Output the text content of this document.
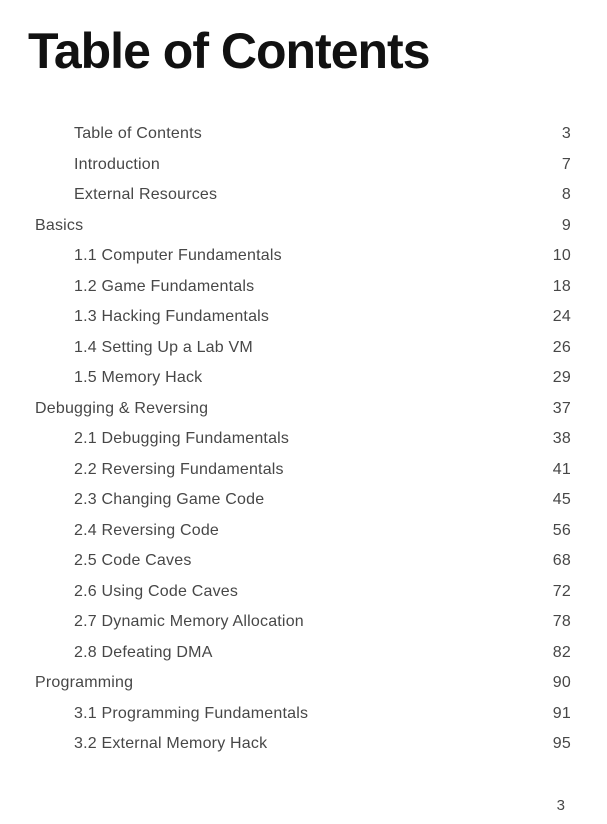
Table of Contents
Table of Contents	3
Introduction	7
External Resources	8
Basics	9
1.1 Computer Fundamentals	10
1.2 Game Fundamentals	18
1.3 Hacking Fundamentals	24
1.4 Setting Up a Lab VM	26
1.5 Memory Hack	29
Debugging & Reversing	37
2.1 Debugging Fundamentals	38
2.2 Reversing Fundamentals	41
2.3 Changing Game Code	45
2.4 Reversing Code	56
2.5 Code Caves	68
2.6 Using Code Caves	72
2.7 Dynamic Memory Allocation	78
2.8 Defeating DMA	82
Programming	90
3.1 Programming Fundamentals	91
3.2 External Memory Hack	95
3
